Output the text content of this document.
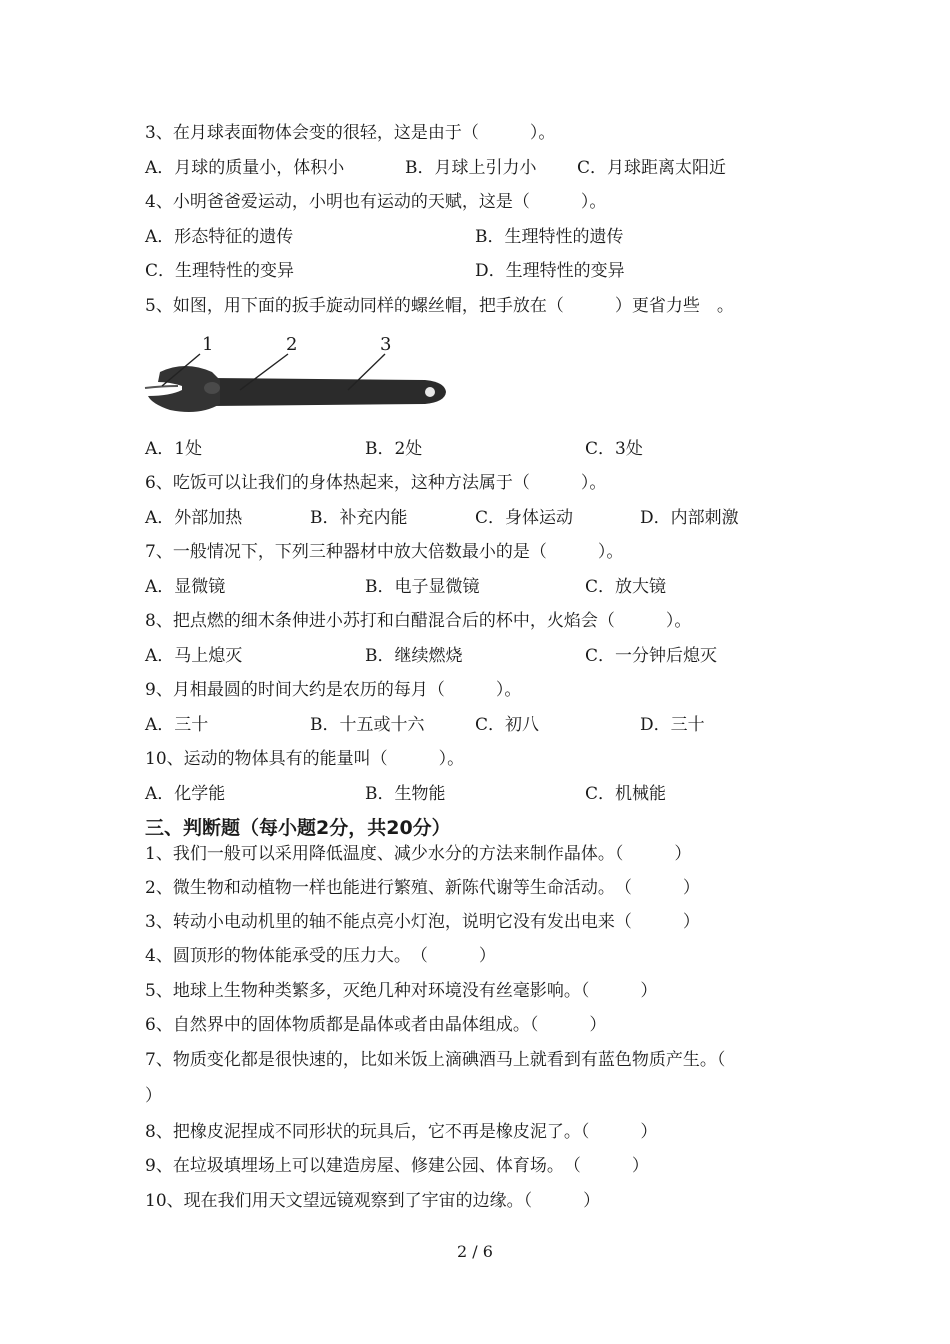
3、在月球表面物体会变的很轻，这是由于（　　　）。
A．月球的质量小，体积小	B．月球上引力小 C．月球距离太阳近
4、小明爸爸爱运动，小明也有运动的天赋，这是（　　　）。
A．形态特征的遗传	B．生理特性的遗传
C．生理特性的变异	D．生理特性的变异
5、如图，用下面的扳手旋动同样的螺丝帽，把手放在（　　　）更省力些　。
1	2	3
A．1处	B．2处	C．3处
6、吃饭可以让我们的身体热起来，这种方法属于（　　　）。
A．外部加热	B．补充内能	C．身体运动	D．内部刺激
7、一般情况下，下列三种器材中放大倍数最小的是（　　　）。
A．显微镜	B．电子显微镜	C．放大镜
8、把点燃的细木条伸进小苏打和白醋混合后的杯中，火焰会（　　　）。
A．马上熄灭	B．继续燃烧	C．一分钟后熄灭
9、月相最圆的时间大约是农历的每月（　　　）。
A．三十	B．十五或十六	C．初八	D．三十
10、运动的物体具有的能量叫（　　　）。
A．化学能	B．生物能	C．机械能
三、判断题（每小题2分，共20分）
1、我们一般可以采用降低温度、减少水分的方法来制作晶体。（　　　）
2、微生物和动植物一样也能进行繁殖、新陈代谢等生命活动。　（　　　）
3、转动小电动机里的轴不能点亮小灯泡，说明它没有发出电来（　　　）
4、圆顶形的物体能承受的压力大。　（　　　）
5、地球上生物种类繁多，灭绝几种对环境没有丝毫影响。（　　　）
6、自然界中的固体物质都是晶体或者由晶体组成。（　　　）
7、物质变化都是很快速的，比如米饭上滴碘酒马上就看到有蓝色物质产生。（
）
8、把橡皮泥捏成不同形状的玩具后，它不再是橡皮泥了。（　　　）
9、在垃圾填埋场上可以建造房屋、修建公园、体育场。　（　　　）
10、现在我们用天文望远镜观察到了宇宙的边缘。（　　　）
2 / 6
